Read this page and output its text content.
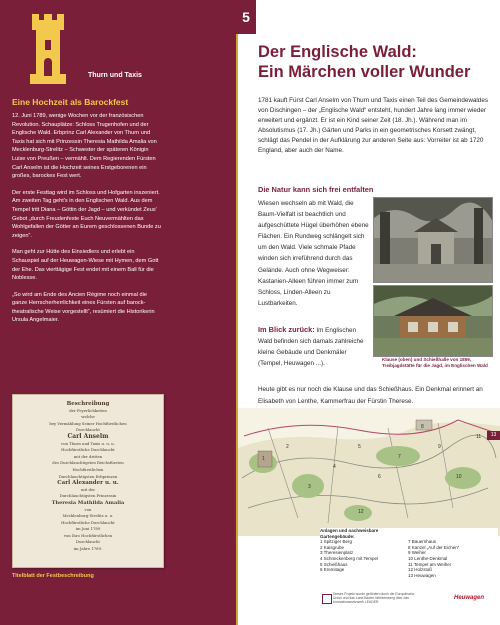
Thurn und Taxis
Eine Hochzeit als Barockfest

12. Juni 1789, wenige Wochen vor der französischen Revolution. Schauplätze: Schloss Trugenhofen und der Englische Wald. Erbprinz Carl Alexander von Thurn und Taxis hat sich mit Prinzessin Theresia Mathilda Amalia von Mecklenburg-Strelitz – Schwester der späteren Königin Luise von Preußen – vermählt. Dem Regierenden Fürsten Carl Anselm ist die Hochzeit seines Erstgeborenen ein großes, barockes Fest wert.

Der erste Festtag wird im Schloss und Hofgarten inszeniert. Am zweiten Tag geht's in den Englischen Wald. Aus dem Tempel tritt Diana – Göttin der Jagd – und verkündet Zeus' Gebot „durch Freudenfeste Euch Neuvermählten das Wohlgefallen der Götter an Eurem geschlossenen Bunde zu zeigen“.

Man geht zur Hütte des Einsiedlers und erlebt ein Schauspiel auf der Heuwagen-Wiese mit Hymen, dem Gott der Ehe. Das vierttägige Fest endet mit einem Ball für die Noblesse.

„So wird am Ende des Ancien Régime noch einmal die ganze Herrscherherrlichkeit eines Fürsten auf barock-theatralische Weise vorgestellt“, resümiert die Historikerin Ursula Angelmaier.

Beschreibung
der Feyerlichkeiten
welche
bey Vermählung Seiner Hochfürstlichen
Durchlaucht
Carl Anselm
von Thurn und Taxis u. u. u.
Hochfürstliche Durchlaucht
mit der dritten
des Durchlauchtigsten Reichsfürsten
Hochfürstlichen
Durchlauchtigsten Erbprinzen
Carl Alexander u. u.
mit der
Durchlauchtigsten Prinzessin
Theresia Mathilda Amalia
von
Mecklenburg-Strelitz u. u.
Hochfürstliche Durchlaucht
im Juni 1789
von Ihro Hochfürstlichen
Durchlaucht
im Jahre 1789.
Titelblatt der Festbeschreibung
5
Der Englische Wald:
Ein Märchen voller Wunder

1781 kauft Fürst Carl Anselm von Thurn und Taxis einen Teil des Gemeindewaldes von Dischingen – der „Englische Wald“ entsteht, hundert Jahre lang immer wieder erweitert und ergänzt. Er ist ein Kind seiner Zeit (18. Jh.). Während man im Absolutismus (17. Jh.) Gärten und Parks in ein geometrisches Korsett zwängt, schlägt das Pendel in der Aufklärung zur anderen Seite aus: Vorreiter ist ab 1720 England, aber auch der Name.

Die Natur kann sich frei entfalten

Wiesen wechseln ab mit Wald, die Baum-Vielfalt ist beachtlich und aufgeschüttete Hügel überhöhen ebene Flächen. Ein Rundweg schlängelt sich um den Wald. Viele schmale Pfade winden sich irreführend durch das Gelände. Auch ohne Wegweiser: Kastanien-Alleen führen immer zum Schloss, Linden-Alleen zu Lustbarkeiten.

Im Blick zurück: Im Englischen Wald befinden sich damals zahlreiche kleine Gebäude und Denkmäler (Tempel, Heuwagen ...).

Heute gibt es nur noch die Klause und das Schießhaus. Ein Denkmal erinnert an Elisabeth von Lenthe, Kammerfrau der Fürstin Therese.

Klause (oben) und Schießhalle von 1859, Treibjagdstätte für die Jagd, im Englischen Wald
1 2 3 4 5 6 7 8 9 10 11 12
13
Anlagen und nachweisbare
Gartengebäude:
1 Spitziger Berg
2 Kaisgrube
3 Theresienplatz
4 Schneckenberg mit Tempel
5 Schießhaus
6 Eremitage
7 Bauernhaus
8 Kanzel „Auf der Eichen“
9 Weiher
10 Lenthe-Denkmal
11 Tempel am Weiher
12 Holzstoß
13 Heuwagen
Dieses Projekt wurde gefördert durch die Europäische Union und das Land Baden-Württemberg über das Innovationsnetzwerk LEADER
Heuwagen
